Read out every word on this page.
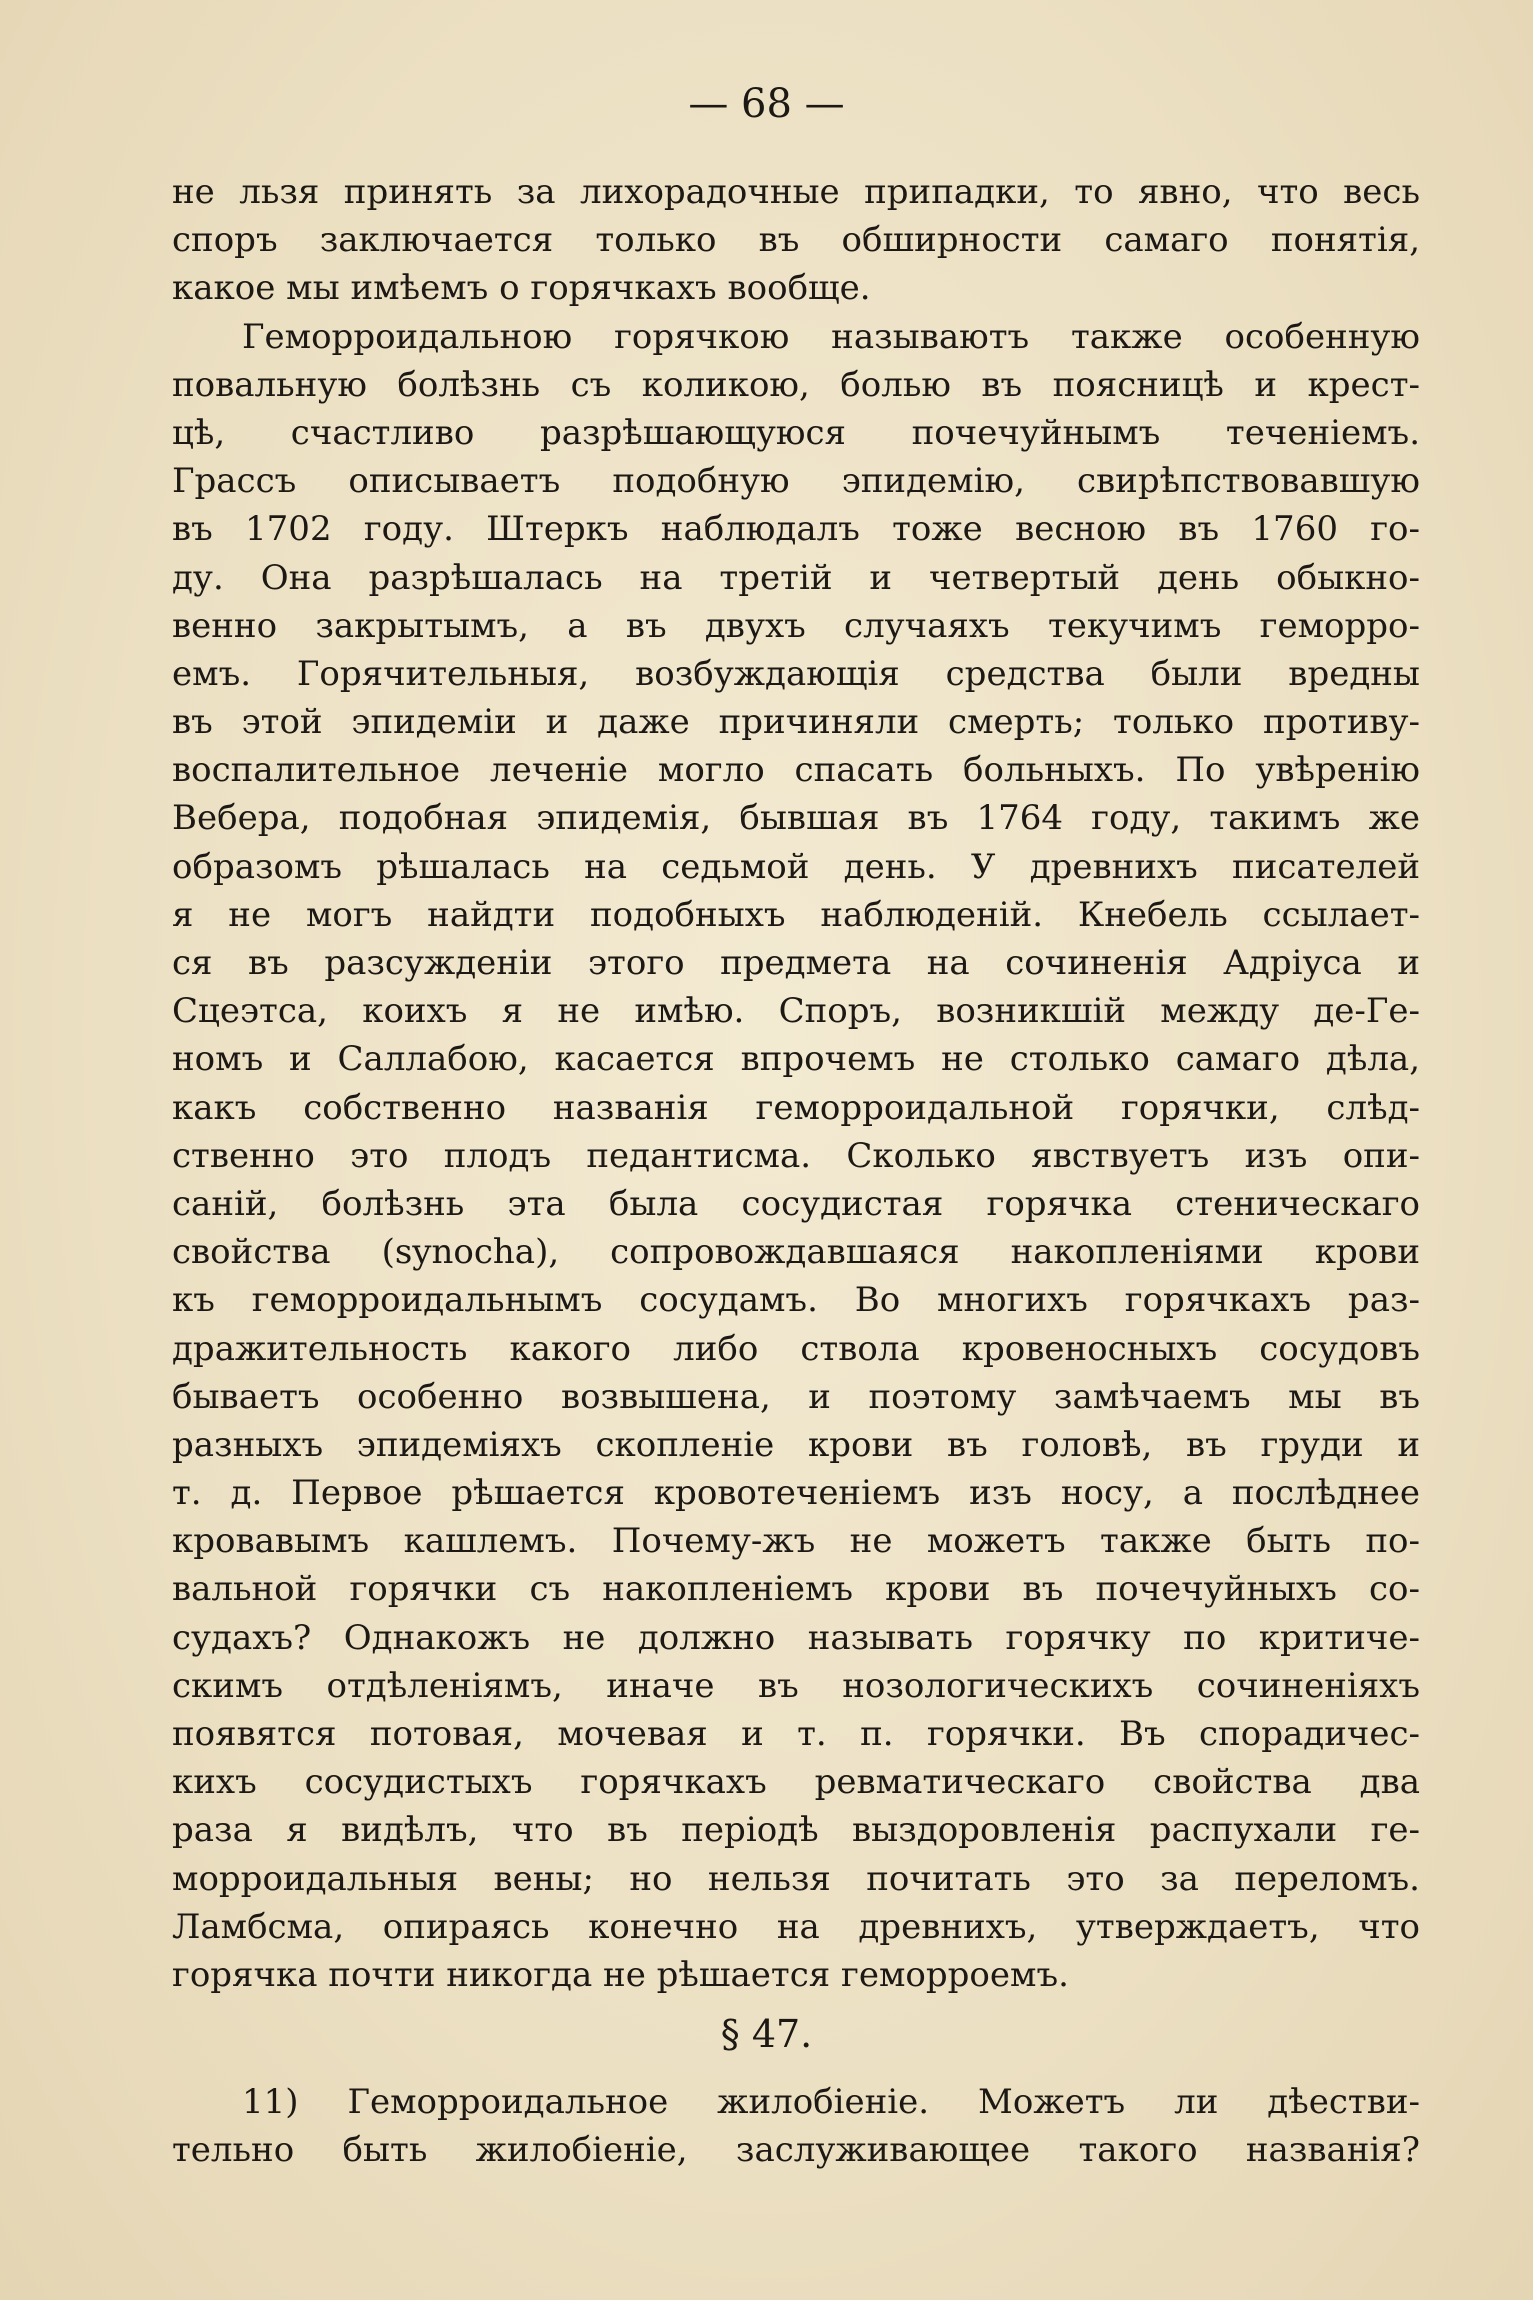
— 68 —

не льзя принять за лихорадочные припадки, то явно, что весь
споръ заключается только въ обширности самаго понятія,
какое мы имѣемъ о горячкахъ вообще.
Геморроидальною горячкою называютъ также особенную
повальную болѣзнь съ коликою, болью въ поясницѣ и крест-
цѣ, счастливо разрѣшающуюся почечуйнымъ теченіемъ.
Грассъ описываетъ подобную эпидемію, свирѣпствовавшую
въ 1702 году. Штеркъ наблюдалъ тоже весною въ 1760 го-
ду. Она разрѣшалась на третій и четвертый день обыкно-
венно закрытымъ, а въ двухъ случаяхъ текучимъ геморро-
емъ. Горячительныя, возбуждающія средства были вредны
въ этой эпидеміи и даже причиняли смерть; только противу-
воспалительное леченіе могло спасать больныхъ. По увѣренію
Вебера, подобная эпидемія, бывшая въ 1764 году, такимъ же
образомъ рѣшалась на седьмой день. У древнихъ писателей
я не могъ найдти подобныхъ наблюденій. Кнебель ссылает-
ся въ разсужденіи этого предмета на сочиненія Адріуса и
Сцеэтса, коихъ я не имѣю. Споръ, возникшій между де-Ге-
номъ и Саллабою, касается впрочемъ не столько самаго дѣла,
какъ собственно названія геморроидальной горячки, слѣд-
ственно это плодъ педантисма. Сколько явствуетъ изъ опи-
саній, болѣзнь эта была сосудистая горячка стеническаго
свойства (synocha), сопровождавшаяся накопленіями крови
къ геморроидальнымъ сосудамъ. Во многихъ горячкахъ раз-
дражительность какого либо ствола кровеносныхъ сосудовъ
бываетъ особенно возвышена, и поэтому замѣчаемъ мы въ
разныхъ эпидеміяхъ скопленіе крови въ головѣ, въ груди и
т. д. Первое рѣшается кровотеченіемъ изъ носу, а послѣднее
кровавымъ кашлемъ. Почему-жъ не можетъ также быть по-
вальной горячки съ накопленіемъ крови въ почечуйныхъ со-
судахъ? Однакожъ не должно называть горячку по критиче-
скимъ отдѣленіямъ, иначе въ нозологическихъ сочиненіяхъ
появятся потовая, мочевая и т. п. горячки. Въ спорадичес-
кихъ сосудистыхъ горячкахъ ревматическаго свойства два
раза я видѣлъ, что въ періодѣ выздоровленія распухали ге-
морроидальныя вены; но нельзя почитать это за переломъ.
Ламбсма, опираясь конечно на древнихъ, утверждаетъ, что
горячка почти никогда не рѣшается геморроемъ.

§ 47.

11) Геморроидальное жилобіеніе. Можетъ ли дѣестви-
тельно быть жилобіеніе, заслуживающее такого названія?
